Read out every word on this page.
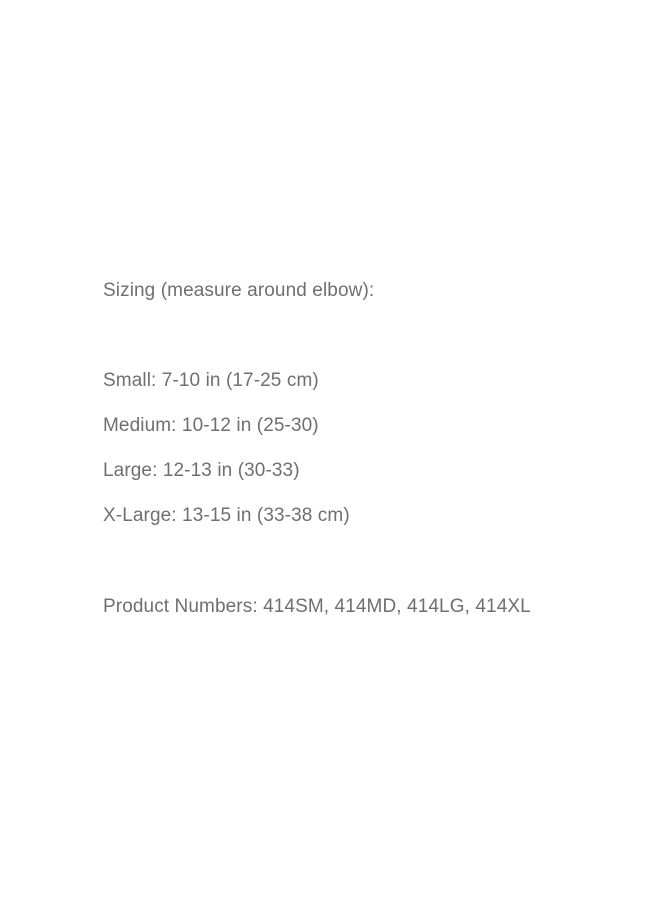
Sizing (measure around elbow):
Small: 7-10 in (17-25 cm)
Medium: 10-12 in (25-30)
Large: 12-13 in (30-33)
X-Large: 13-15 in (33-38 cm)
Product Numbers: 414SM, 414MD, 414LG, 414XL
